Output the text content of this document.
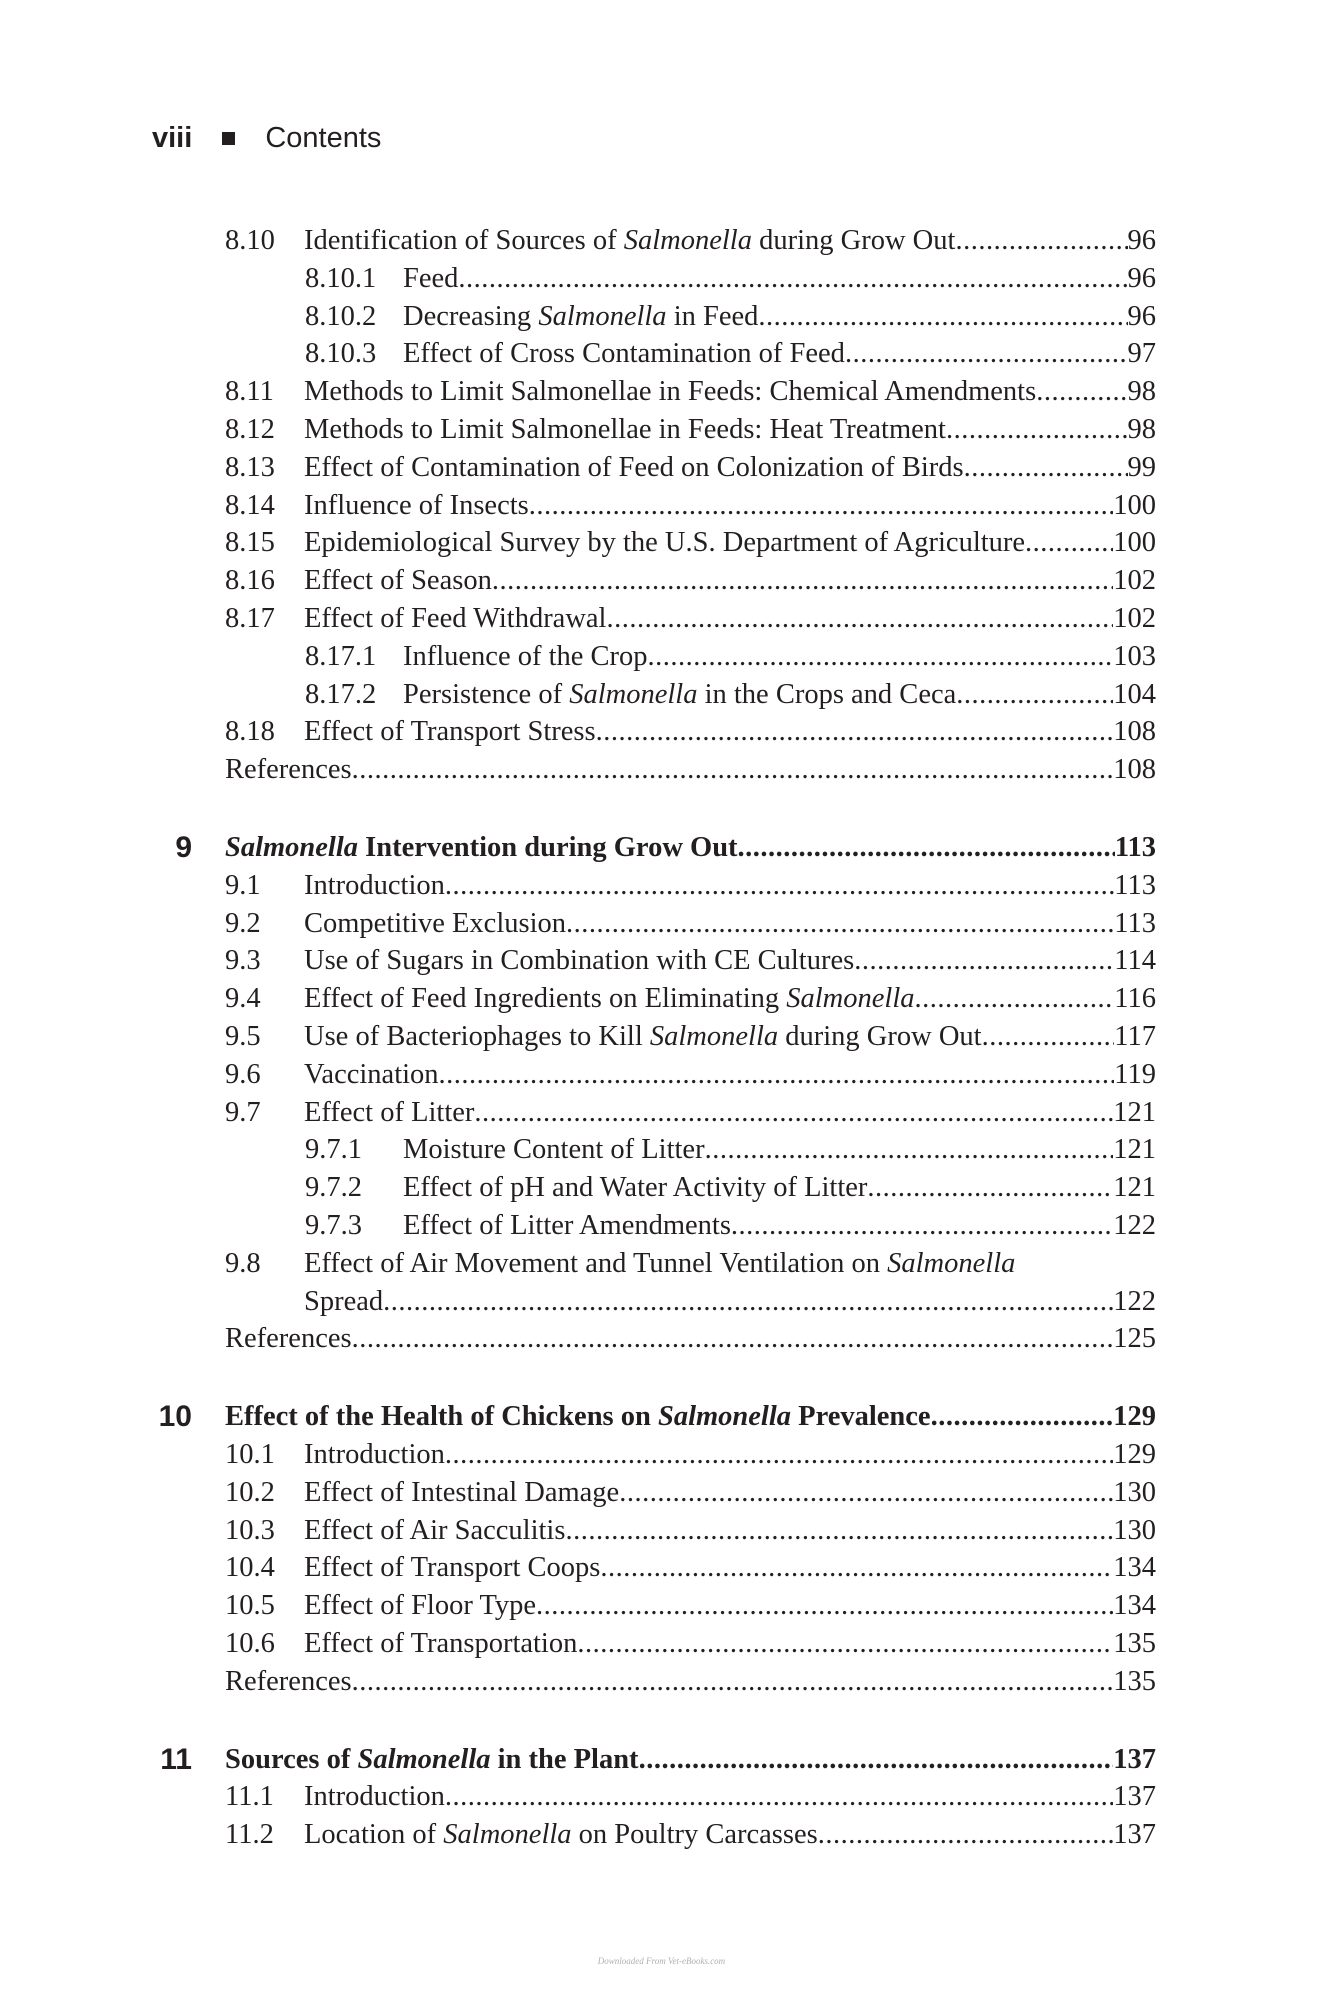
viii	Contents
8.10 Identification of Sources of Salmonella during Grow Out .....	96
8.10.1 Feed .....	96
8.10.2 Decreasing Salmonella in Feed .....	96
8.10.3 Effect of Cross Contamination of Feed .....	97
8.11 Methods to Limit Salmonellae in Feeds: Chemical Amendments .....	98
8.12 Methods to Limit Salmonellae in Feeds: Heat Treatment .....	98
8.13 Effect of Contamination of Feed on Colonization of Birds .....	99
8.14 Influence of Insects .....	100
8.15 Epidemiological Survey by the U.S. Department of Agriculture .....	100
8.16 Effect of Season .....	102
8.17 Effect of Feed Withdrawal .....	102
8.17.1 Influence of the Crop .....	103
8.17.2 Persistence of Salmonella in the Crops and Ceca .....	104
8.18 Effect of Transport Stress .....	108
References .....	108
9 Salmonella Intervention during Grow Out .....	113
9.1 Introduction .....	113
9.2 Competitive Exclusion .....	113
9.3 Use of Sugars in Combination with CE Cultures .....	114
9.4 Effect of Feed Ingredients on Eliminating Salmonella .....	116
9.5 Use of Bacteriophages to Kill Salmonella during Grow Out .....	117
9.6 Vaccination .....	119
9.7 Effect of Litter .....	121
9.7.1 Moisture Content of Litter .....	121
9.7.2 Effect of pH and Water Activity of Litter .....	121
9.7.3 Effect of Litter Amendments .....	122
9.8 Effect of Air Movement and Tunnel Ventilation on Salmonella
Spread .....	122
References .....	125
10 Effect of the Health of Chickens on Salmonella Prevalence .....	129
10.1 Introduction .....	129
10.2 Effect of Intestinal Damage .....	130
10.3 Effect of Air Sacculitis .....	130
10.4 Effect of Transport Coops .....	134
10.5 Effect of Floor Type .....	134
10.6 Effect of Transportation .....	135
References .....	135
11 Sources of Salmonella in the Plant .....	137
11.1 Introduction .....	137
11.2 Location of Salmonella on Poultry Carcasses .....	137
Downloaded From Vet-eBooks.com
